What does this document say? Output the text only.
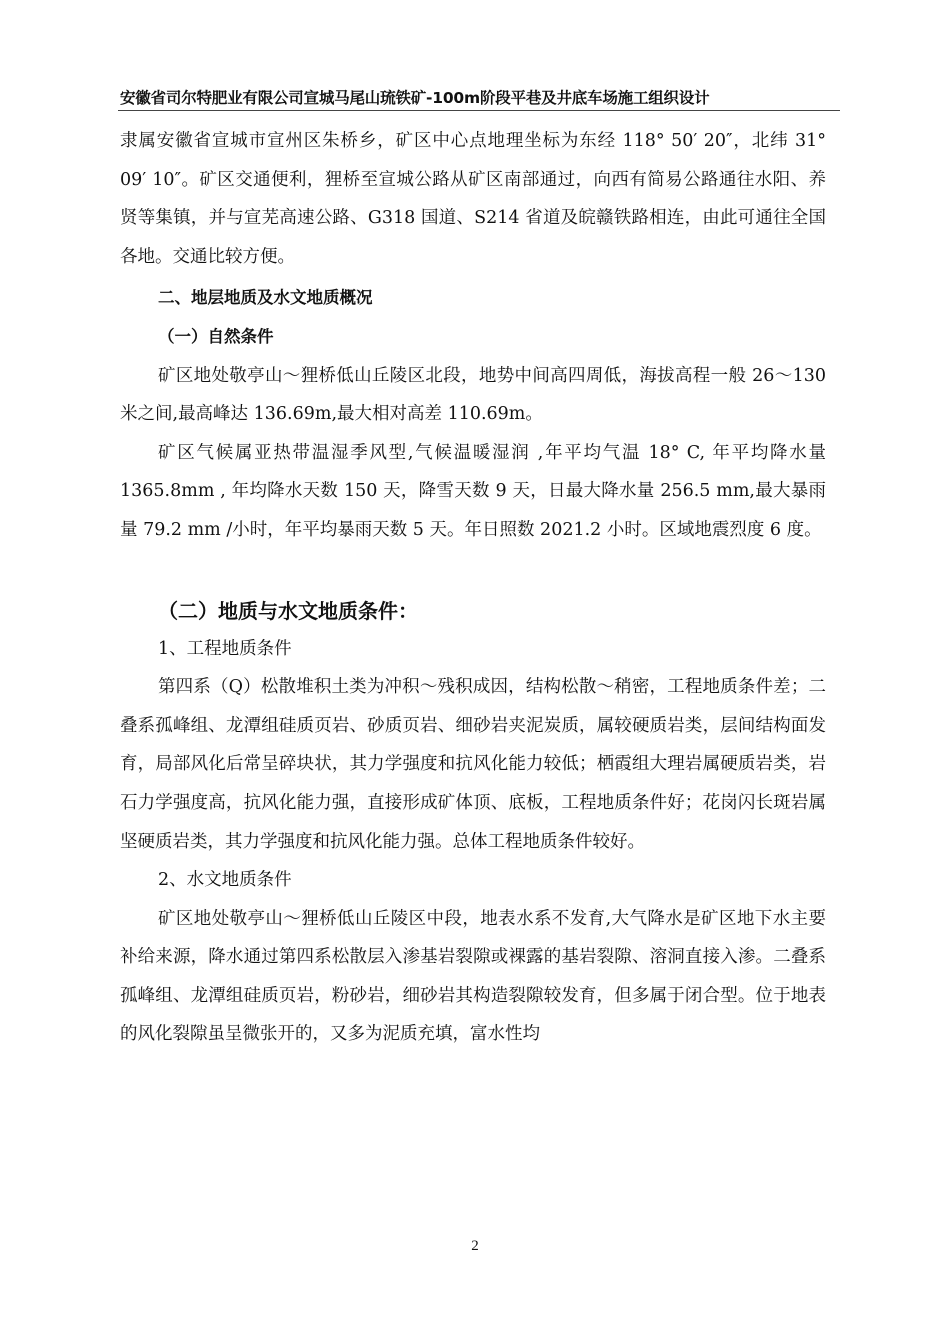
安徽省司尔特肥业有限公司宣城马尾山琉铁矿-100m阶段平巷及井底车场施工组织设计

隶属安徽省宣城市宣州区朱桥乡，矿区中心点地理坐标为东经 118° 50′ 20″，北纬 31° 09′ 10″。矿区交通便利，狸桥至宣城公路从矿区南部通过，向西有简易公路通往水阳、养贤等集镇，并与宣芜高速公路、G318 国道、S214 省道及皖赣铁路相连，由此可通往全国各地。交通比较方便。

二、地层地质及水文地质概况
（一）自然条件

矿区地处敬亭山～狸桥低山丘陵区北段，地势中间高四周低，海拔高程一般 26～130 米之间,最高峰达 136.69m,最大相对高差 110.69m。

矿区气候属亚热带温湿季风型,气候温暖湿润 ,年平均气温 18° C, 年平均降水量 1365.8mm , 年均降水天数 150 天，降雪天数 9 天，日最大降水量 256.5 mm,最大暴雨量 79.2 mm /小时，年平均暴雨天数 5 天。年日照数 2021.2 小时。区域地震烈度 6 度。

（二）地质与水文地质条件：
1、工程地质条件

第四系（Q）松散堆积土类为冲积～残积成因，结构松散～稍密，工程地质条件差；二叠系孤峰组、龙潭组硅质页岩、砂质页岩、细砂岩夹泥炭质，属较硬质岩类，层间结构面发育，局部风化后常呈碎块状，其力学强度和抗风化能力较低；栖霞组大理岩属硬质岩类，岩石力学强度高，抗风化能力强，直接形成矿体顶、底板，工程地质条件好；花岗闪长斑岩属坚硬质岩类，其力学强度和抗风化能力强。总体工程地质条件较好。

2、水文地质条件

矿区地处敬亭山～狸桥低山丘陵区中段，地表水系不发育,大气降水是矿区地下水主要补给来源，降水通过第四系松散层入渗基岩裂隙或裸露的基岩裂隙、溶洞直接入渗。二叠系孤峰组、龙潭组硅质页岩，粉砂岩，细砂岩其构造裂隙较发育，但多属于闭合型。位于地表的风化裂隙虽呈微张开的，又多为泥质充填，富水性均

2
